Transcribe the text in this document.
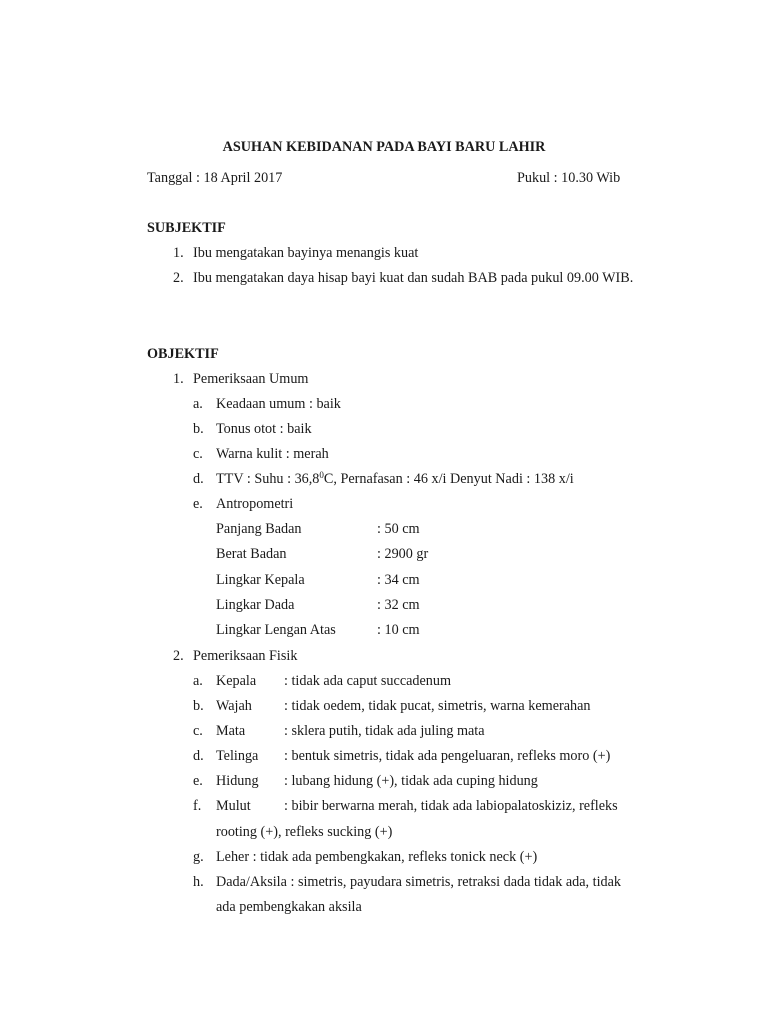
ASUHAN KEBIDANAN PADA BAYI BARU LAHIR
Tanggal : 18 April 2017	Pukul : 10.30 Wib
SUBJEKTIF
1. Ibu mengatakan bayinya menangis kuat
2. Ibu mengatakan daya hisap bayi kuat dan sudah BAB pada pukul 09.00 WIB.
OBJEKTIF
1. Pemeriksaan Umum
a. Keadaan umum : baik
b. Tonus otot : baik
c. Warna kulit : merah
d. TTV : Suhu : 36,8$^0$C, Pernafasan : 46 x/i Denyut Nadi : 138 x/i
e. Antropometri
Panjang Badan	: 50 cm
Berat Badan	: 2900 gr
Lingkar Kepala	: 34 cm
Lingkar Dada	: 32 cm
Lingkar Lengan Atas	: 10 cm
2. Pemeriksaan Fisik
a. Kepala : tidak ada caput succadenum
b. Wajah : tidak oedem, tidak pucat, simetris, warna kemerahan
c. Mata	: sklera putih, tidak ada juling mata
d. Telinga : bentuk simetris, tidak ada pengeluaran, refleks moro (+)
e. Hidung : lubang hidung (+), tidak ada cuping hidung
f. Mulut : bibir berwarna merah, tidak ada labiopalatoskiziz, refleks
rooting (+), refleks sucking (+)
g. Leher : tidak ada pembengkakan, refleks tonick neck (+)
h. Dada/Aksila : simetris, payudara simetris, retraksi dada tidak ada, tidak
ada pembengkakan aksila
